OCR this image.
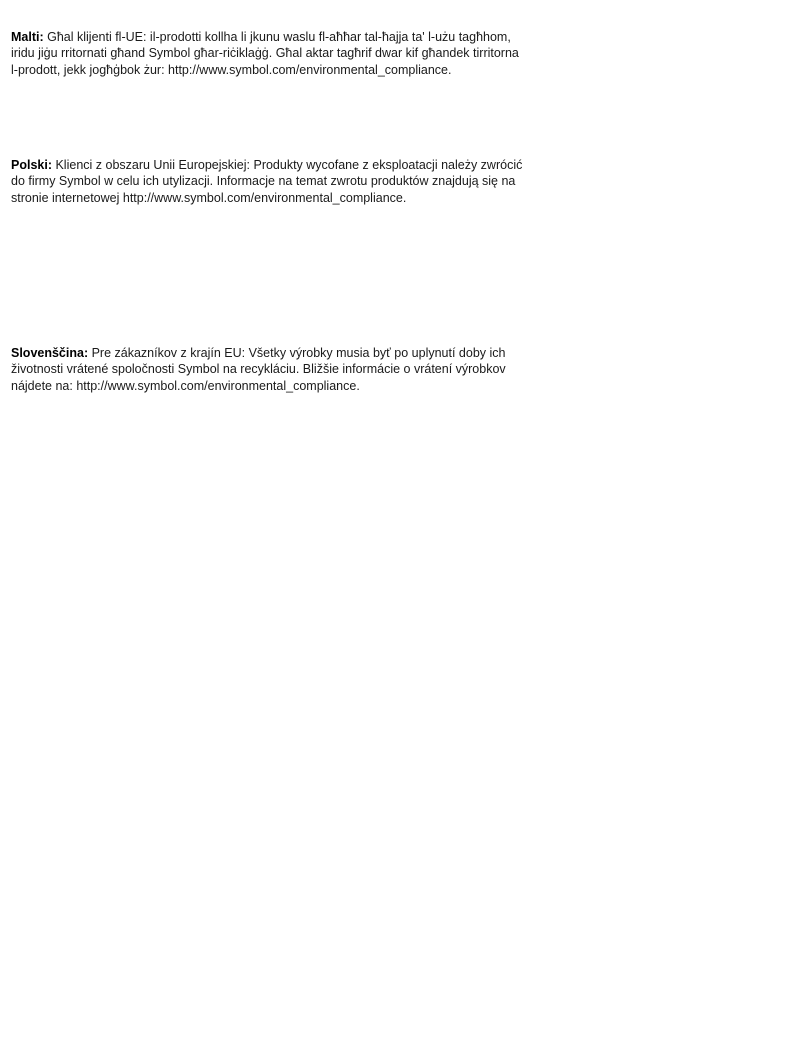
Malti: Għal klijenti fl-UE: il-prodotti kollha li jkunu waslu fl-aħħar tal-ħajja ta' l-użu tagħhom,
iridu jiġu rritornati għand Symbol għar-riċiklaġġ. Għal aktar tagħrif dwar kif għandek tirritorna
l-prodott, jekk jogħġbok żur: http://www.symbol.com/environmental_compliance.
Polski: Klienci z obszaru Unii Europejskiej: Produkty wycofane z eksploatacji należy zwrócić
do firmy Symbol w celu ich utylizacji. Informacje na temat zwrotu produktów znajdują się na
stronie internetowej http://www.symbol.com/environmental_compliance.
Slovenščina: Pre zákazníkov z krajín EU: Všetky výrobky musia byť po uplynutí doby ich
životnosti vrátené spoločnosti Symbol na recykláciu. Bližšie informácie o vrátení výrobkov
nájdete na: http://www.symbol.com/environmental_compliance.
